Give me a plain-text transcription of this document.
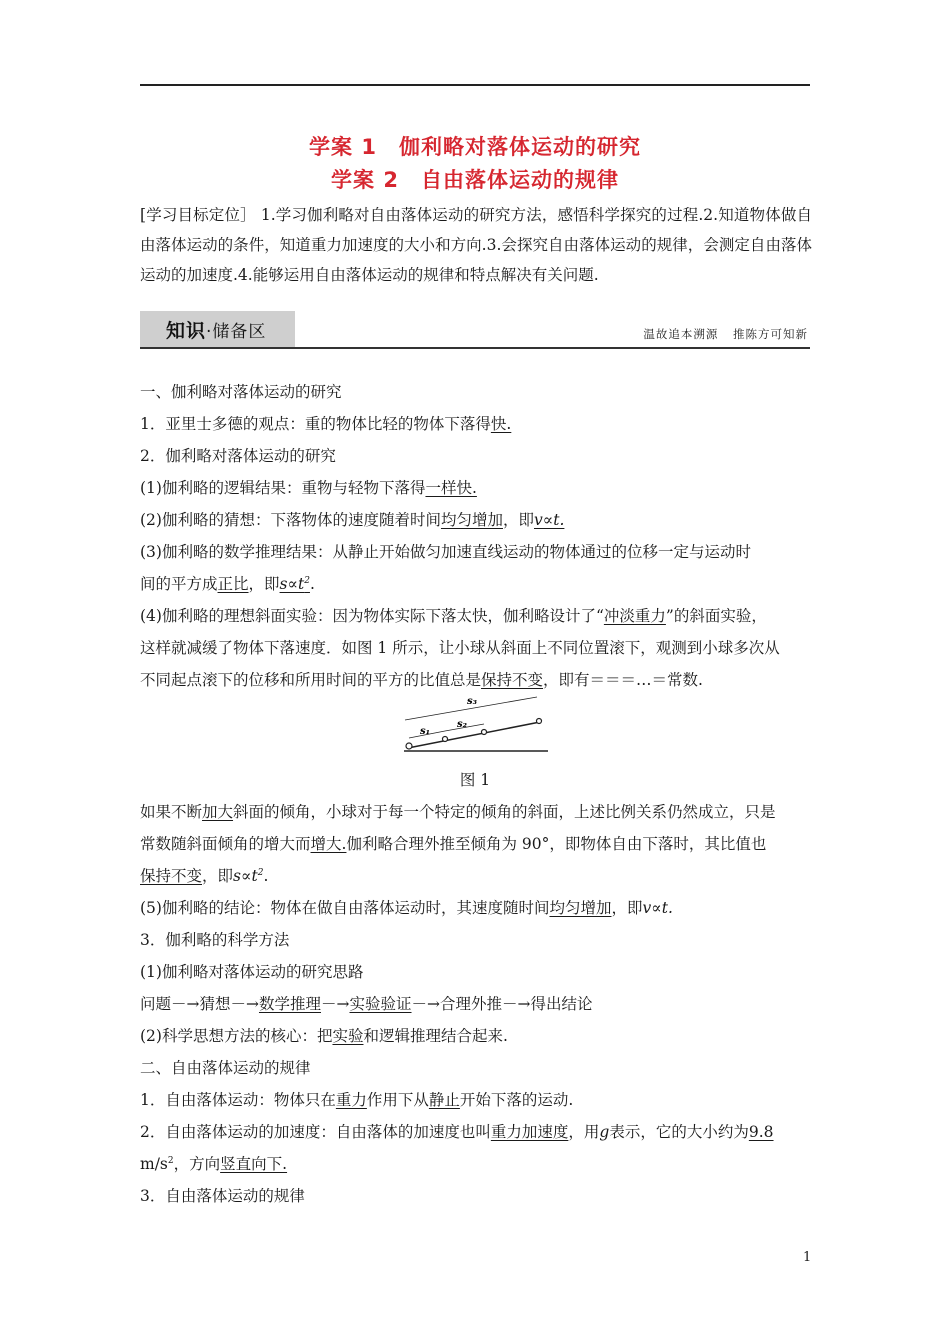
学案 1　伽利略对落体运动的研究
学案 2　自由落体运动的规律
[学习目标定位］ 1.学习伽利略对自由落体运动的研究方法，感悟科学探究的过程.2.知道物体做自由落体运动的条件，知道重力加速度的大小和方向.3.会探究自由落体运动的规律，会测定自由落体运动的加速度.4.能够运用自由落体运动的规律和特点解决有关问题.
知识·储备区	温故追本溯源 推陈方可知新
一、伽利略对落体运动的研究
1．亚里士多德的观点：重的物体比轻的物体下落得快.
2．伽利略对落体运动的研究
(1)伽利略的逻辑结果：重物与轻物下落得一样快.
(2)伽利略的猜想：下落物体的速度随着时间均匀增加，即v∝t.
(3)伽利略的数学推理结果：从静止开始做匀加速直线运动的物体通过的位移一定与运动时
间的平方成正比，即$s\propto t^2$.
(4)伽利略的理想斜面实验：因为物体实际下落太快，伽利略设计了“冲淡重力”的斜面实验，
这样就减缓了物体下落速度．如图 1 所示，让小球从斜面上不同位置滚下，观测到小球多次从
不同起点滚下的位移和所用时间的平方的比值总是保持不变，即有＝＝＝…＝常数.
s₁
s₂
s₃
图 1
如果不断加大斜面的倾角，小球对于每一个特定的倾角的斜面，上述比例关系仍然成立，只是
常数随斜面倾角的增大而增大.伽利略合理外推至倾角为 90°，即物体自由下落时，其比值也
保持不变，即$s\propto t^2$.
(5)伽利略的结论：物体在做自由落体运动时，其速度随时间均匀增加，即v∝t.
3．伽利略的科学方法
(1)伽利略对落体运动的研究思路
问题－→猜想－→数学推理－→实验验证－→合理外推－→得出结论
(2)科学思想方法的核心：把实验和逻辑推理结合起来.
二、自由落体运动的规律
1．自由落体运动：物体只在重力作用下从静止开始下落的运动.
2．自由落体运动的加速度：自由落体的加速度也叫重力加速度，用g表示，它的大小约为9.8
$m/s^2$，方向竖直向下.
3．自由落体运动的规律
1
